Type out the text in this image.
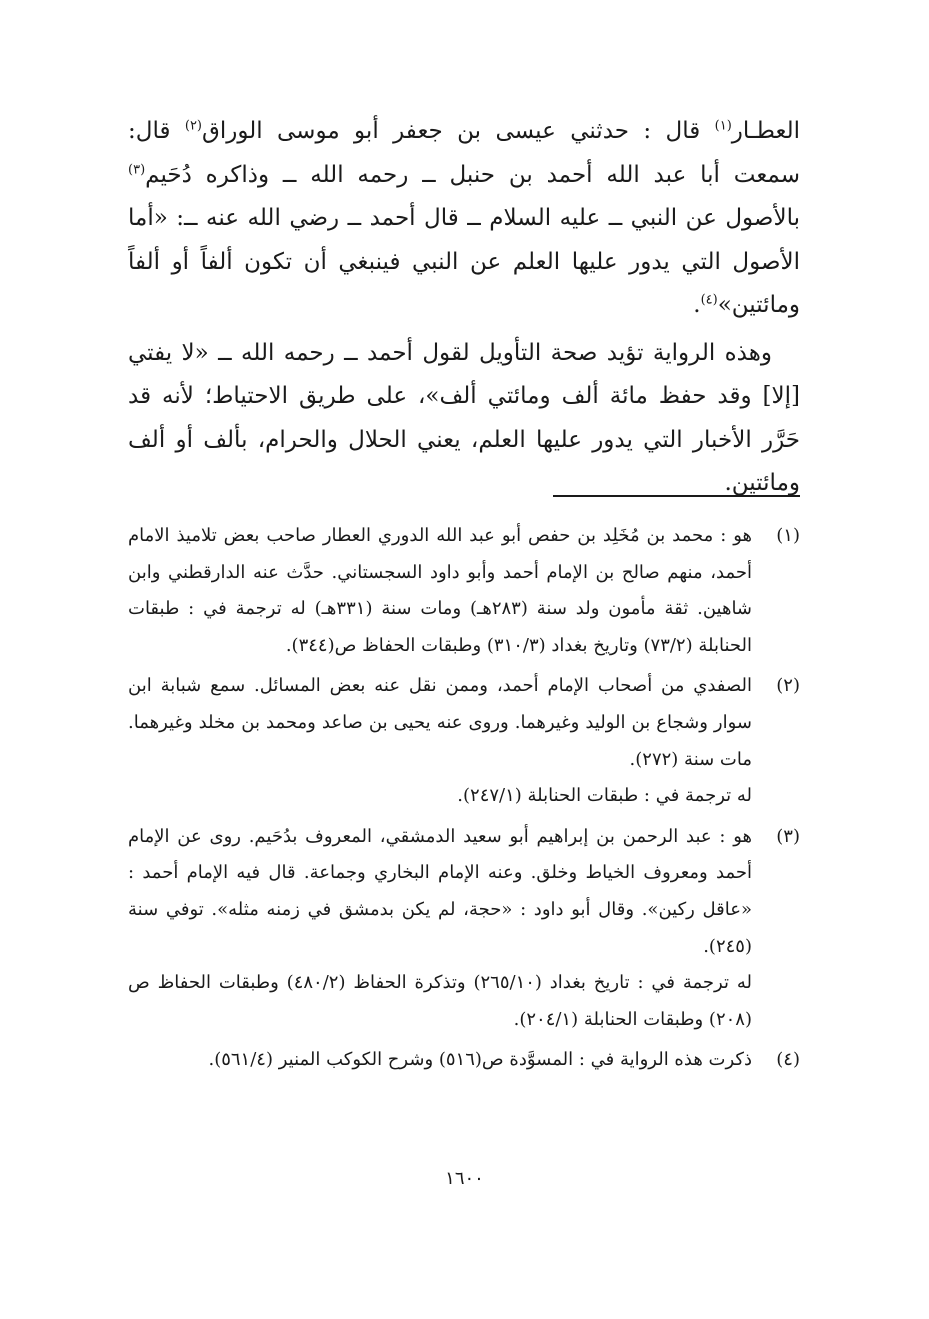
العطـار$^{(١)}$ قال : حدثني عيسى بن جعفر أبو موسى الوراق$^{(٢)}$ قال: سمعت أبا عبد الله أحمد بن حنبل ــ رحمه الله ــ وذاكره دُحَيم$^{(٣)}$ بالأصول عن النبي ــ عليه السلام ــ قال أحمد ــ رضي الله عنه ــ: «أما الأصول التي يدور عليها العلم عن النبي فينبغي أن تكون ألفاً أو ألفاً ومائتين»$^{(٤)}$.

وهذه الرواية تؤيد صحة التأويل لقول أحمد ــ رحمه الله ــ «لا يفتي [إلا] وقد حفظ مائة ألف ومائتي ألف»، على طريق الاحتياط؛ لأنه قد حَرَّر الأخبار التي يدور عليها العلم، يعني الحلال والحرام، بألف أو ألف ومائتين.

(١)

هو : محمد بن مُخَلِد بن حفص أبو عبد الله الدوري العطار صاحب بعض تلاميذ الامام أحمد، منهم صالح بن الإمام أحمد وأبو داود السجستاني. حدَّث عنه الدارقطني وابن شاهين. ثقة مأمون ولد سنة (٢٨٣هـ) ومات سنة (٣٣١هـ) له ترجمة في : طبقات الحنابلة (٧٣/٢) وتاريخ بغداد (٣١٠/٣) وطبقات الحفاظ ص(٣٤٤).

(٢)

الصفدي من أصحاب الإمام أحمد، وممن نقل عنه بعض المسائل. سمع شبابة ابن سوار وشجاع بن الوليد وغيرهما. وروى عنه يحيى بن صاعد ومحمد بن مخلد وغيرهما. مات سنة (٢٧٢).

له ترجمة في : طبقات الحنابلة (٢٤٧/١).

(٣)

هو : عبد الرحمن بن إبراهيم أبو سعيد الدمشقي، المعروف بدُحَيم. روى عن الإمام أحمد ومعروف الخياط وخلق. وعنه الإمام البخاري وجماعة. قال فيه الإمام أحمد : «عاقل ركين». وقال أبو داود : «حجة، لم يكن بدمشق في زمنه مثله». توفي سنة (٢٤٥).

له ترجمة في : تاريخ بغداد (٢٦٥/١٠) وتذكرة الحفاظ (٤٨٠/٢) وطبقات الحفاظ ص (٢٠٨) وطبقات الحنابلة (٢٠٤/١).

(٤)

ذكرت هذه الرواية في : المسوَّدة ص(٥١٦) وشرح الكوكب المنير (٥٦١/٤).

١٦٠٠
